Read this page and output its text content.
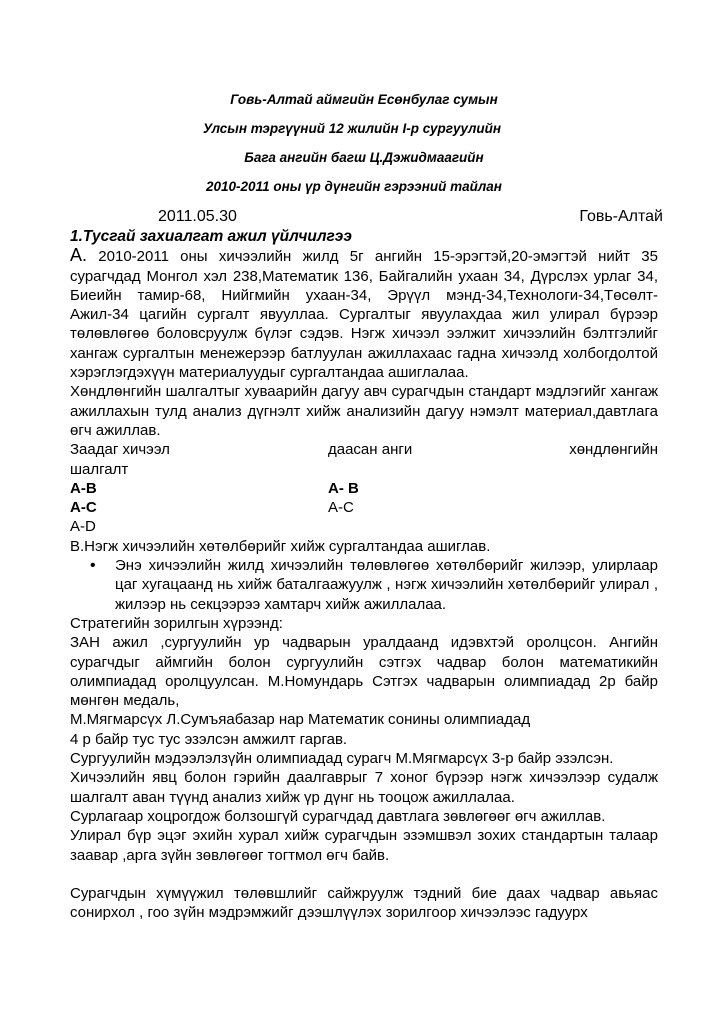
Говь-Алтай аймгийн Есөнбулаг сумын
Улсын тэргүүний 12 жилийн I-р сургуулийн
Бага ангийн багш Ц.Дэжидмаагийн
2010-2011 оны үр дүнгийн гэрээний тайлан
2011.05.30	Говь-Алтай

1.Тусгай захиалгат ажил үйлчилгээ

А. 2010-2011 оны хичээлийн жилд 5г ангийн 15-эрэгтэй,20-эмэгтэй нийт 35 сурагчдад Монгол хэл 238,Математик 136, Байгалийн ухаан 34, Дүрслэх урлаг 34, Биеийн тамир-68, Нийгмийн ухаан-34, Эрүүл мэнд-34,Технологи-34,Төсөлт-Ажил-34 цагийн сургалт явууллаа. Сургалтыг явуулахдаа жил улирал бүрээр төлөвлөгөө боловсруулж бүлэг сэдэв. Нэгж хичээл ээлжит хичээлийн бэлтгэлийг хангаж сургалтын менежерээр батлуулан ажиллахаас гадна хичээлд холбогдолтой хэрэглэгдэхүүн материалуудыг сургалтандаа ашиглалаа.

Хөндлөнгийн шалгалтыг хуваарийн дагуу авч сурагчдын стандарт мэдлэгийг хангаж ажиллахын тулд анализ дүгнэлт хийж анализийн дагуу нэмэлт материал,давтлага өгч ажиллав.

Заадаг хичээл	даасан анги	хөндлөнгийн

шалгалт

А-В	А- В
А-С	А-С
А-D

В.Нэгж хичээлийн хөтөлбөрийг хийж сургалтандаа ашиглав.

• Энэ хичээлийн жилд хичээлийн төлөвлөгөө хөтөлбөрийг жилээр, улирлаар цаг хугацаанд нь хийж баталгаажуулж , нэгж хичээлийн хөтөлбөрийг улирал , жилээр нь секцээрээ хамтарч хийж ажиллалаа.

Стратегийн зорилгын хүрээнд:

ЗАН ажил ,сургуулийн ур чадварын уралдаанд идэвхтэй оролцсон. Ангийн сурагчдыг аймгийн болон сургуулийн сэтгэх чадвар болон математикийн олимпиадад оролцуулсан. М.Номундарь Сэтгэх чадварын олимпиадад 2р байр мөнгөн медаль,

М.Мягмарсүх Л.Сумъяабазар нар Математик сонины олимпиадад

4 р байр тус тус эзэлсэн амжилт гаргав.

Сургуулийн мэдээлэлзүйн олимпиадад сурагч М.Мягмарсүх 3-р байр эзэлсэн.

Хичээлийн явц болон гэрийн даалгаврыг 7 хоног бүрээр нэгж хичээлээр судалж шалгалт аван түүнд анализ хийж үр дүнг нь тооцож ажиллалаа.

Сурлагаар хоцрогдож болзошгүй сурагчдад давтлага зөвлөгөөг өгч ажиллав.

Улирал бүр эцэг эхийн хурал хийж сурагчдын эзэмшвэл зохих стандартын талаар заавар ,арга зүйн зөвлөгөөг тогтмол өгч байв.

Сурагчдын хүмүүжил төлөвшлийг сайжруулж тэдний бие даах чадвар авьяас сонирхол , гоо зүйн мэдрэмжийг дээшлүүлэх зорилгоор хичээлээс гадуурх
